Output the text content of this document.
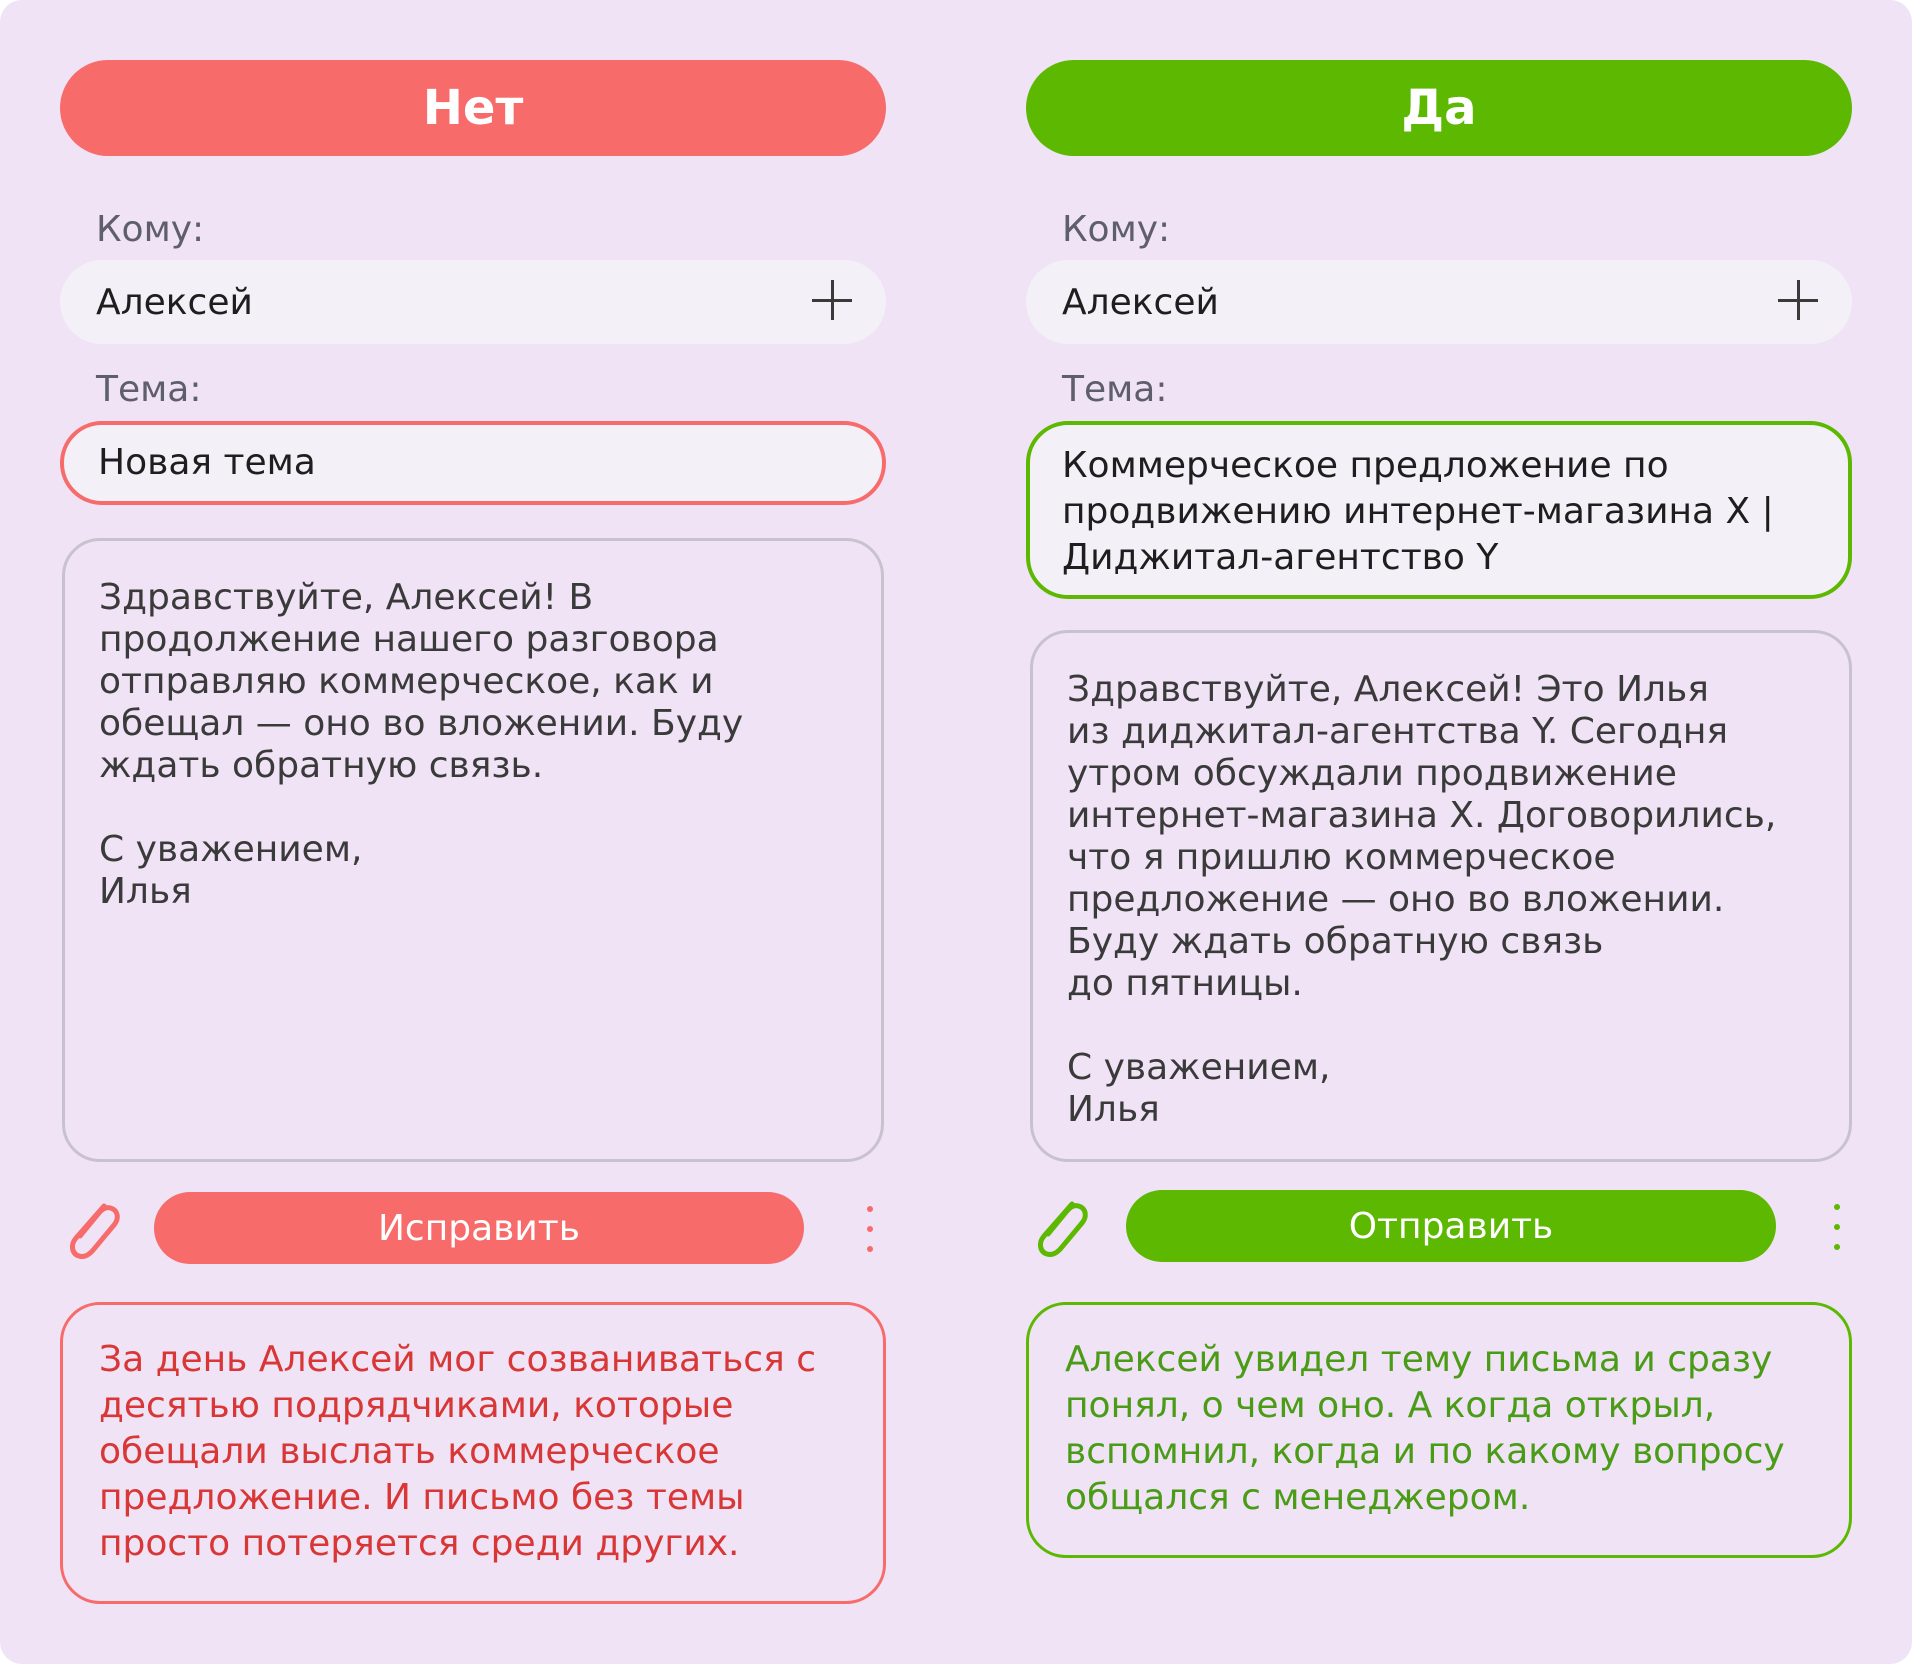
Нет
Кому:
Алексей
Тема:
Новая тема
Здравствуйте, Алексей! В
продолжение нашего разговора
отправляю коммерческое, как и
обещал — оно во вложении. Буду
ждать обратную связь.

С уважением,
Илья
Исправить
За день Алексей мог созваниваться с десятью подрядчиками, которые обещали выслать коммерческое предложение. И письмо без темы просто потеряется среди других.
Да
Кому:
Алексей
Тема:
Коммерческое предложение по продвижению интернет-магазина X | Диджитал-агентство Y
Здравствуйте, Алексей! Это Илья
из диджитал-агентства Y. Сегодня
утром обсуждали продвижение
интернет-магазина X. Договорились,
что я пришлю коммерческое
предложение — оно во вложении.
Буду ждать обратную связь
до пятницы.

С уважением,
Илья
Отправить
Алексей увидел тему письма и сразу понял, о чем оно. А когда открыл, вспомнил, когда и по какому вопросу общался с менеджером.
